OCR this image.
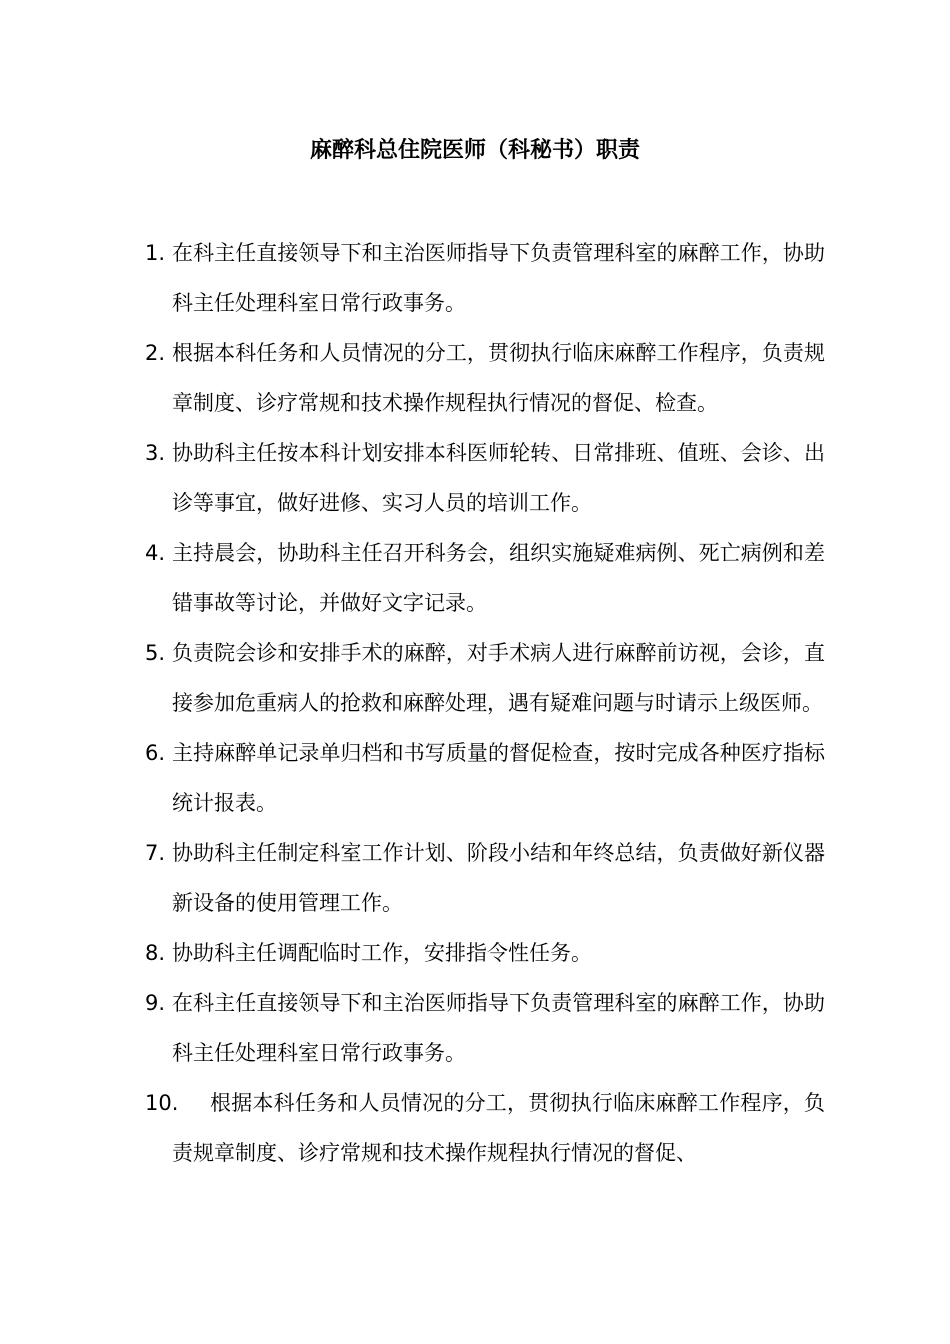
麻醉科总住院医师（科秘书）职责
1. 在科主任直接领导下和主治医师指导下负责管理科室的麻醉工作，协助科主任处理科室日常行政事务。
2. 根据本科任务和人员情况的分工，贯彻执行临床麻醉工作程序，负责规章制度、诊疗常规和技术操作规程执行情况的督促、检查。
3. 协助科主任按本科计划安排本科医师轮转、日常排班、值班、会诊、出诊等事宜，做好进修、实习人员的培训工作。
4. 主持晨会，协助科主任召开科务会，组织实施疑难病例、死亡病例和差错事故等讨论，并做好文字记录。
5. 负责院会诊和安排手术的麻醉，对手术病人进行麻醉前访视，会诊，直接参加危重病人的抢救和麻醉处理，遇有疑难问题与时请示上级医师。
6. 主持麻醉单记录单归档和书写质量的督促检查，按时完成各种医疗指标统计报表。
7. 协助科主任制定科室工作计划、阶段小结和年终总结，负责做好新仪器新设备的使用管理工作。
8. 协助科主任调配临时工作，安排指令性任务。
9. 在科主任直接领导下和主治医师指导下负责管理科室的麻醉工作，协助科主任处理科室日常行政事务。
10. 根据本科任务和人员情况的分工，贯彻执行临床麻醉工作程序，负责规章制度、诊疗常规和技术操作规程执行情况的督促、
